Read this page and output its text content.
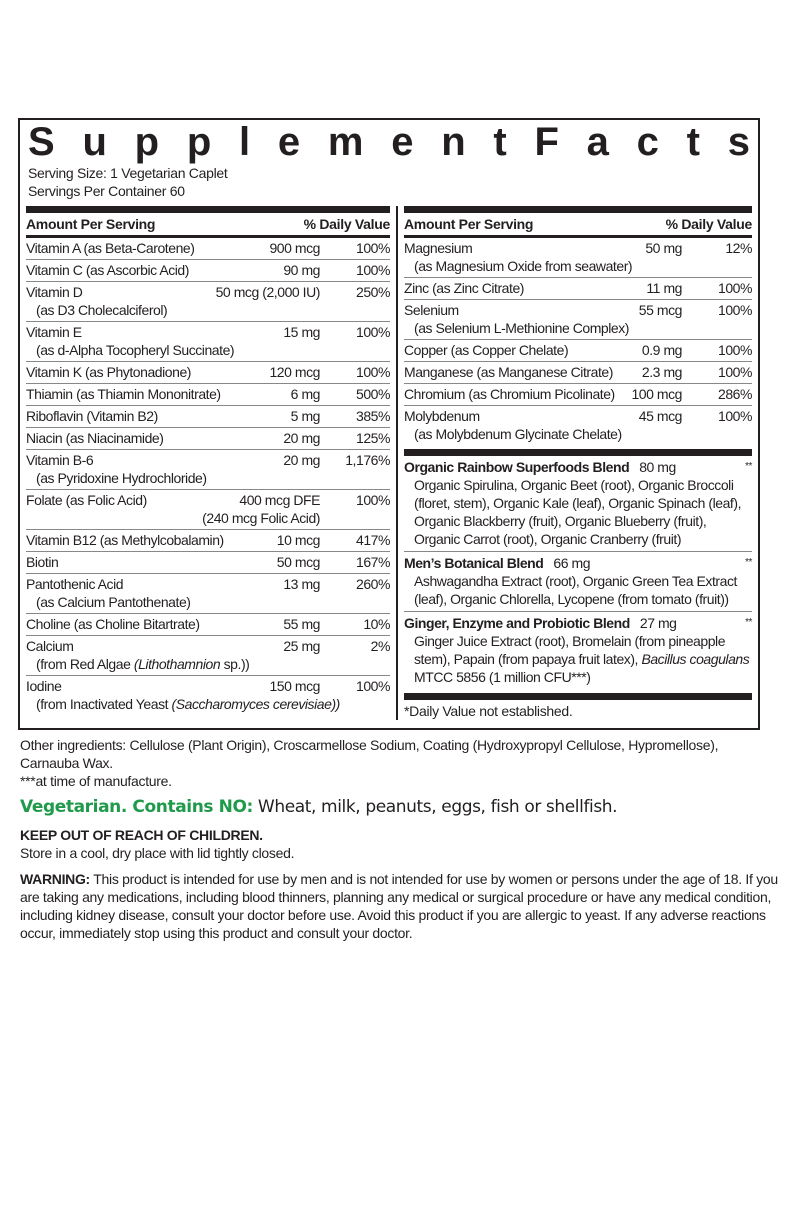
S u p p l e m e n t F a c t s
Serving Size: 1 Vegetarian Caplet
Servings Per Container 60
Amount Per Serving	% Daily Value
Vitamin A (as Beta-Carotene)	900 mcg	100%
Vitamin C (as Ascorbic Acid)	90 mg	100%
Vitamin D	50 mcg (2,000 IU)	250%
(as D3 Cholecalciferol)
Vitamin E	15 mg	100%
(as d-Alpha Tocopheryl Succinate)
Vitamin K (as Phytonadione)	120 mcg	100%
Thiamin (as Thiamin Mononitrate)	6 mg	500%
Riboflavin (Vitamin B2)	5 mg	385%
Niacin (as Niacinamide)	20 mg	125%
Vitamin B-6	20 mg	1,176%
(as Pyridoxine Hydrochloride)
Folate (as Folic Acid)	400 mcg DFE	100%
(240 mcg Folic Acid)
Vitamin B12 (as Methylcobalamin)	10 mcg	417%
Biotin	50 mcg	167%
Pantothenic Acid	13 mg	260%
(as Calcium Pantothenate)
Choline (as Choline Bitartrate)	55 mg	10%
Calcium	25 mg	2%
(from Red Algae (Lithothamnion sp.))
Iodine	150 mcg	100%
(from Inactivated Yeast (Saccharomyces cerevisiae))
Amount Per Serving	% Daily Value
Magnesium	50 mg	12%
(as Magnesium Oxide from seawater)
Zinc (as Zinc Citrate)	11 mg	100%
Selenium	55 mcg	100%
(as Selenium L-Methionine Complex)
Copper (as Copper Chelate)	0.9 mg	100%
Manganese (as Manganese Citrate)	2.3 mg	100%
Chromium (as Chromium Picolinate)	100 mcg	286%
Molybdenum	45 mcg	100%
(as Molybdenum Glycinate Chelate)
Organic Rainbow Superfoods Blend 80 mg	**
Organic Spirulina, Organic Beet (root), Organic Broccoli (floret, stem), Organic Kale (leaf), Organic Spinach (leaf), Organic Blackberry (fruit), Organic Blueberry (fruit), Organic Carrot (root), Organic Cranberry (fruit)
Men’s Botanical Blend 66 mg	**
Ashwagandha Extract (root), Organic Green Tea Extract (leaf), Organic Chlorella, Lycopene (from tomato (fruit))
Ginger, Enzyme and Probiotic Blend 27 mg	**
Ginger Juice Extract (root), Bromelain (from pineapple stem), Papain (from papaya fruit latex), Bacillus coagulans MTCC 5856 (1 million CFU***)
*Daily Value not established.
Other ingredients: Cellulose (Plant Origin), Croscarmellose Sodium, Coating (Hydroxypropyl Cellulose, Hypromellose), Carnauba Wax.
***at time of manufacture.
Vegetarian. Contains NO: Wheat, milk, peanuts, eggs, fish or shellfish.
KEEP OUT OF REACH OF CHILDREN.
Store in a cool, dry place with lid tightly closed.
WARNING: This product is intended for use by men and is not intended for use by women or persons under the age of 18. If you are taking any medications, including blood thinners, planning any medical or surgical procedure or have any medical condition, including kidney disease, consult your doctor before use. Avoid this product if you are allergic to yeast. If any adverse reactions occur, immediately stop using this product and consult your doctor.
